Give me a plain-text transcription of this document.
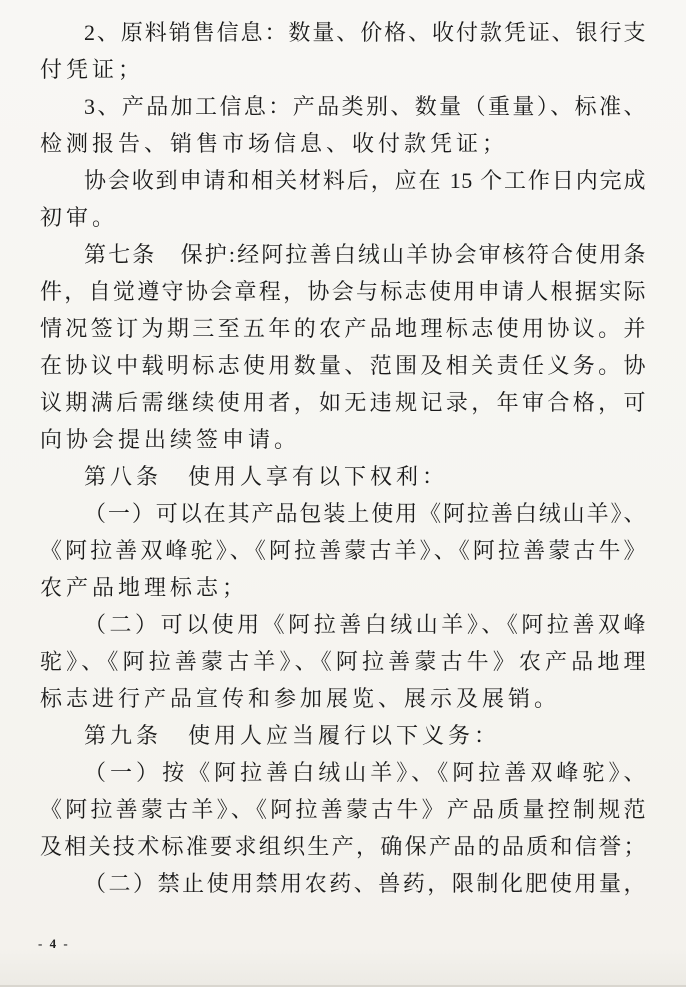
2、原料销售信息：数量、价格、收付款凭证、银行支
付凭证；
3、产品加工信息：产品类别、数量（重量）、标准、
检测报告、销售市场信息、收付款凭证；
协会收到申请和相关材料后，应在 15 个工作日内完成
初审。
第七条　保护:经阿拉善白绒山羊协会审核符合使用条
件，自觉遵守协会章程，协会与标志使用申请人根据实际
情况签订为期三至五年的农产品地理标志使用协议。并
在协议中载明标志使用数量、范围及相关责任义务。协
议期满后需继续使用者，如无违规记录，年审合格，可
向协会提出续签申请。
第八条　使用人享有以下权利：
（一）可以在其产品包装上使用《阿拉善白绒山羊》、
《阿拉善双峰驼》、《阿拉善蒙古羊》、《阿拉善蒙古牛》
农产品地理标志；
（二）可以使用《阿拉善白绒山羊》、《阿拉善双峰
驼》、《阿拉善蒙古羊》、《阿拉善蒙古牛》农产品地理
标志进行产品宣传和参加展览、展示及展销。
第九条　使用人应当履行以下义务：
（一）按《阿拉善白绒山羊》、《阿拉善双峰驼》、
《阿拉善蒙古羊》、《阿拉善蒙古牛》产品质量控制规范
及相关技术标准要求组织生产，确保产品的品质和信誉；
（二）禁止使用禁用农药、兽药，限制化肥使用量，
- 4 -
